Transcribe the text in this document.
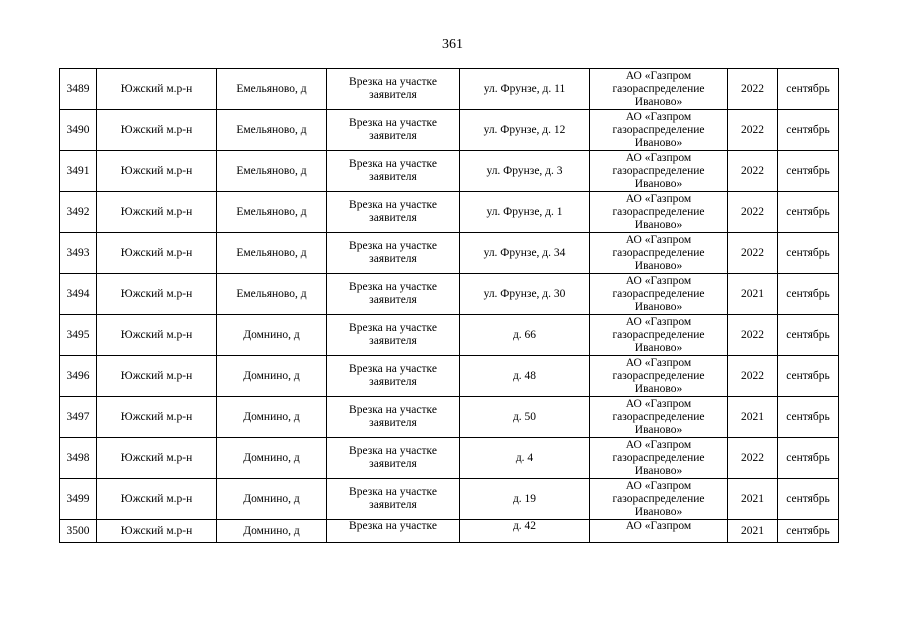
361
3489	Южский м.р-н	Емельяново, д	Врезка на участке заявителя	ул. Фрунзе, д. 11	АО «Газпром газораспределение Иваново»	2022	сентябрь
3490	Южский м.р-н	Емельяново, д	Врезка на участке заявителя	ул. Фрунзе, д. 12	АО «Газпром газораспределение Иваново»	2022	сентябрь
3491	Южский м.р-н	Емельяново, д	Врезка на участке заявителя	ул. Фрунзе, д. 3	АО «Газпром газораспределение Иваново»	2022	сентябрь
3492	Южский м.р-н	Емельяново, д	Врезка на участке заявителя	ул. Фрунзе, д. 1	АО «Газпром газораспределение Иваново»	2022	сентябрь
3493	Южский м.р-н	Емельяново, д	Врезка на участке заявителя	ул. Фрунзе, д. 34	АО «Газпром газораспределение Иваново»	2022	сентябрь
3494	Южский м.р-н	Емельяново, д	Врезка на участке заявителя	ул. Фрунзе, д. 30	АО «Газпром газораспределение Иваново»	2021	сентябрь
3495	Южский м.р-н	Домнино, д	Врезка на участке заявителя	д. 66	АО «Газпром газораспределение Иваново»	2022	сентябрь
3496	Южский м.р-н	Домнино, д	Врезка на участке заявителя	д. 48	АО «Газпром газораспределение Иваново»	2022	сентябрь
3497	Южский м.р-н	Домнино, д	Врезка на участке заявителя	д. 50	АО «Газпром газораспределение Иваново»	2021	сентябрь
3498	Южский м.р-н	Домнино, д	Врезка на участке заявителя	д. 4	АО «Газпром газораспределение Иваново»	2022	сентябрь
3499	Южский м.р-н	Домнино, д	Врезка на участке заявителя	д. 19	АО «Газпром газораспределение Иваново»	2021	сентябрь
3500	Южский м.р-н	Домнино, д	Врезка на участке	д. 42	АО «Газпром	2021	сентябрь
